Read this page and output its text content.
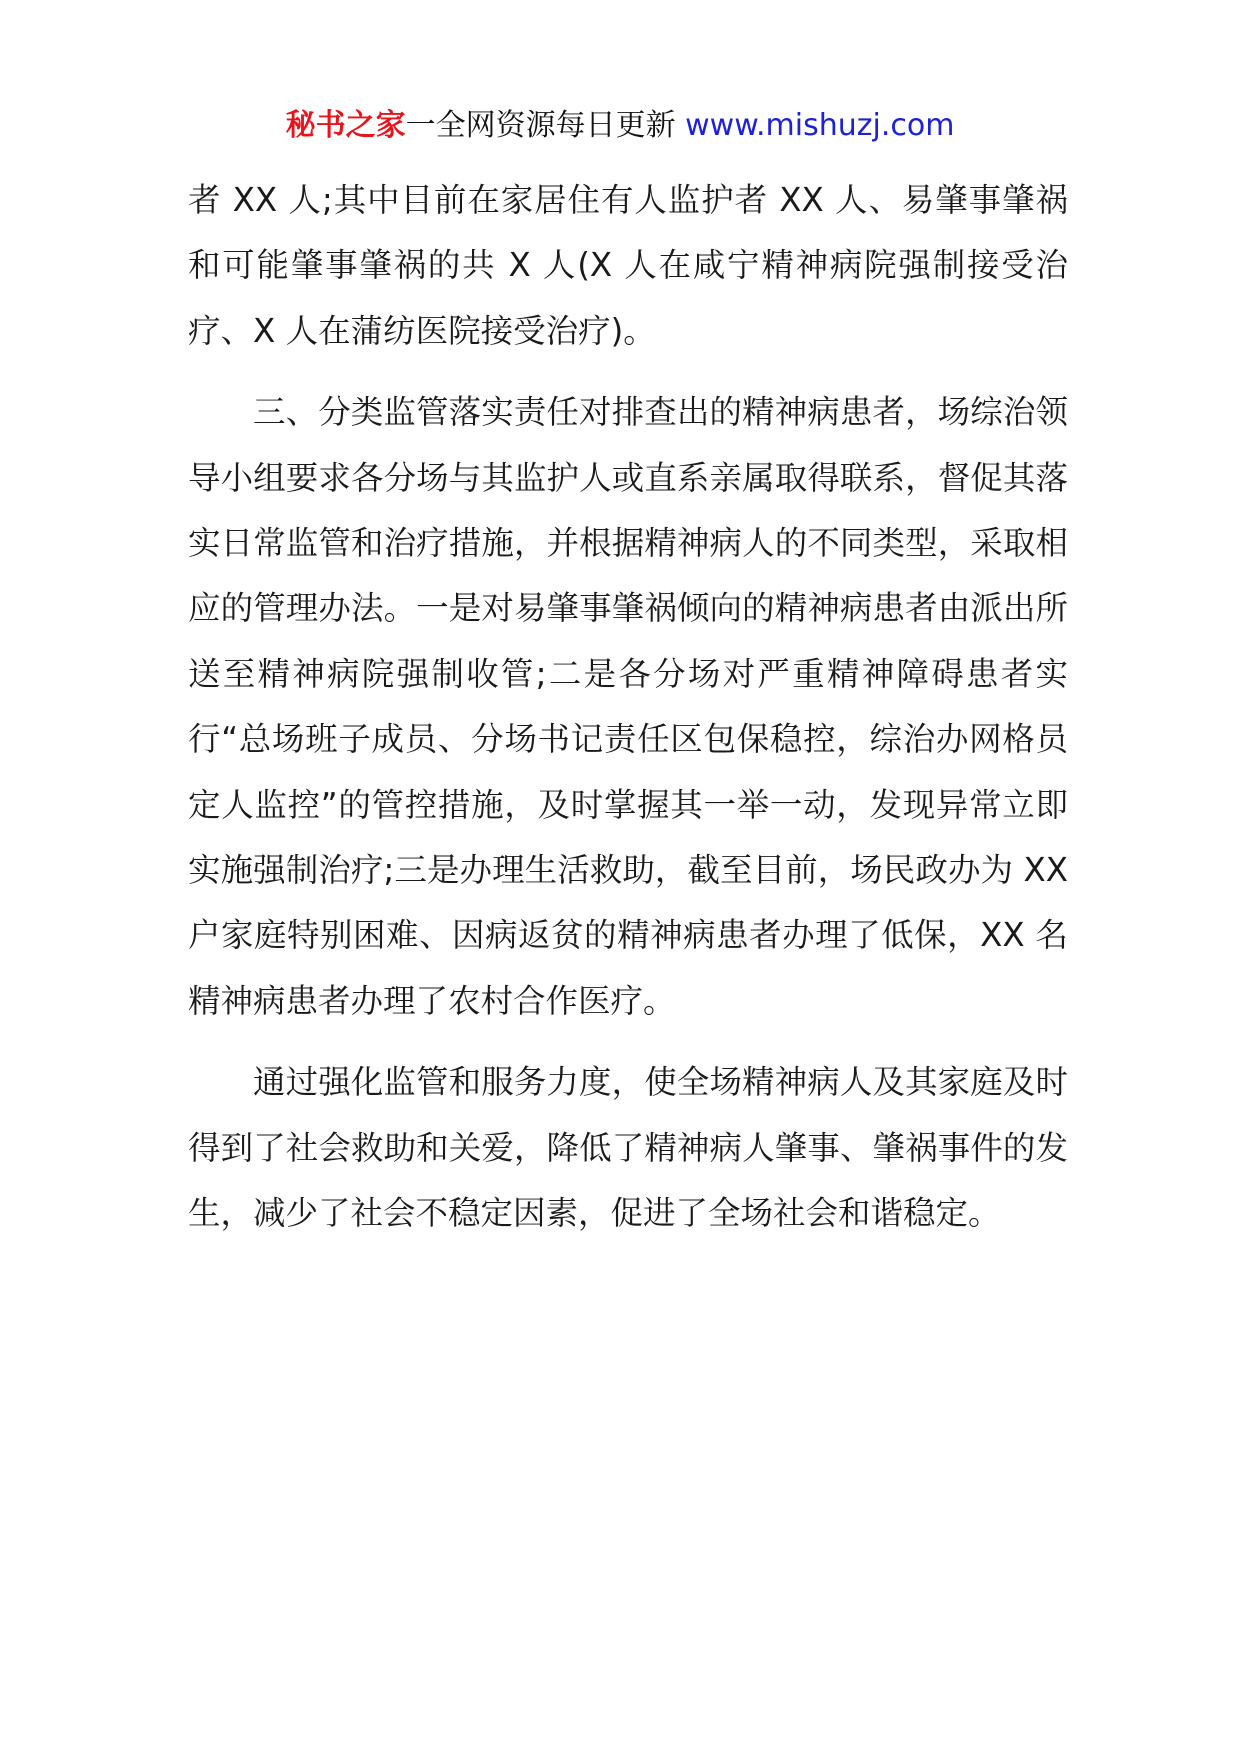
秘书之家一全网资源每日更新 www.mishuzj.com

者 XX 人;其中目前在家居住有人监护者 XX 人、易肇事肇祸和可能肇事肇祸的共 X 人(X 人在咸宁精神病院强制接受治疗、X 人在蒲纺医院接受治疗)。

三、分类监管落实责任对排查出的精神病患者，场综治领导小组要求各分场与其监护人或直系亲属取得联系，督促其落实日常监管和治疗措施，并根据精神病人的不同类型，采取相应的管理办法。一是对易肇事肇祸倾向的精神病患者由派出所送至精神病院强制收管;二是各分场对严重精神障碍患者实行“总场班子成员、分场书记责任区包保稳控，综治办网格员定人监控”的管控措施，及时掌握其一举一动，发现异常立即实施强制治疗;三是办理生活救助，截至目前，场民政办为 XX 户家庭特别困难、因病返贫的精神病患者办理了低保，XX 名精神病患者办理了农村合作医疗。

通过强化监管和服务力度，使全场精神病人及其家庭及时得到了社会救助和关爱，降低了精神病人肇事、肇祸事件的发生，减少了社会不稳定因素，促进了全场社会和谐稳定。
